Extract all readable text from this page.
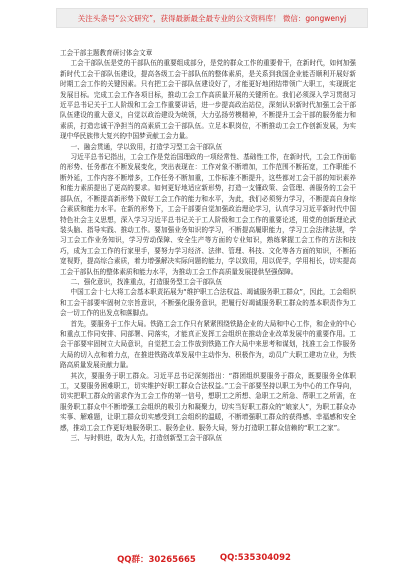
关注头条号“公文研究”，获得最新最全最专业的公文资料库！ 微信：gongwenyj

工会干部主题教育研讨体会文章

工会干部队伍是党的干部队伍的重要组成部分，是党的群众工作的重要骨干，在新时代，如何加强新时代工会干部队伍建设，提高各级工会干部队伍的整体素质，是关系到我国企业能否顺利开展好新时期工会工作的关键因素。只有把工会干部队伍建设好了，才能更好地团结带领广大职工，实现既定发展目标。完成工会工作各项目标，推动工会工作高质量开展的关键所在。我们必须深入学习贯彻习近平总书记关于工人阶级和工会工作重要讲话，进一步提高政治站位，深刻认识新时代加强工会干部队伍建设的重大意义，自觉以政治建设为统领，大力弘扬劳模精神，不断提升工会干部的服务能力和素质，打造忠诚干净担当的高素质工会干部队伍。立足本职岗位，不断推动工会工作创新发展，为实现中华民族伟大复兴的中国梦贡献工会力量。

一、融会贯通，学以致用，打造学习型工会干部队伍

习近平总书记指出，工会工作是党治国理政的一项经常性、基础性工作，在新时代，工会工作面临的形势、任务都在不断发展变化，突出表现在：工作对象不断增加，工作范围不断拓宽，工作职能不断外延，工作内容不断增多，工作任务不断加重，工作标准不断提升，这些都对工会干部的知识素养和能力素质提出了更高的要求。如何更好地适应新形势，打造一支懂政策、会管理、善服务的工会干部队伍，不断提高新形势下做好工会工作的能力和水平，为此，我们必须努力学习，不断提高自身综合素质和能力水平。在新的形势下，工会干部要自觉加强政治理论学习，认真学习习近平新时代中国特色社会主义思想，深入学习习近平总书记关于工人阶级和工会工作的重要论述，用党的创新理论武装头脑、指导实践、推动工作。要加强业务知识的学习，不断提高履职能力，学习工会法律法规，学习工会工作业务知识，学习劳动保障、安全生产等方面的专业知识，熟练掌握工会工作的方法和技巧，成为工会工作的行家里手，要努力学习经济、法律、管理、科技、文化等各方面的知识，不断拓宽视野，提高综合素质，着力增强解决实际问题的能力，学以致用，用以促学，学用相长，切实提高工会干部队伍的整体素质和能力水平，为推动工会工作高质量发展提供坚强保障。

二、强化意识，找准重点，打造服务型工会干部队伍

中国工会十七大将工会基本职责拓展为“维护职工合法权益、竭诚服务职工群众”，因此，工会组织和工会干部要牢固树立宗旨意识，不断强化服务意识，把履行好竭诚服务职工群众的基本职责作为工会一切工作的出发点和落脚点。

首先，要服务于工作大局。铁路工会工作只有紧紧围绕铁路企业的大局和中心工作，和企业的中心和重点工作同安排、同部署、同落实，才能真正发挥工会组织在推动企业改革发展中的重要作用。工会干部要牢固树立大局意识，自觉把工会工作放到铁路工作大局中来思考和谋划，找准工会工作服务大局的切入点和着力点，在推进铁路改革发展中主动作为、积极作为，动员广大职工建功立业，为铁路高质量发展贡献力量。

其次，要服务于职工群众。习近平总书记深刻指出：“群团组织要服务于群众，既要服务全体职工，又要服务困难职工，切实维护好职工群众合法权益。”工会干部要坚持以职工为中心的工作导向，切实把职工群众的需求作为工会工作的第一信号，想职工之所想、急职工之所急、帮职工之所需，在服务职工群众中不断增强工会组织的吸引力和凝聚力，切实当好职工群众的“娘家人”，为职工群众办实事、解难题，让职工群众切实感受到工会组织的温暖，不断增强职工群众的获得感、幸福感和安全感，推动工会工作更好地服务职工、服务企业、服务大局，努力打造职工群众信赖的“职工之家”。

三、与时俱进，敢为人先，打造创新型工会干部队伍

QQ群：30265665	QQ:535304092
